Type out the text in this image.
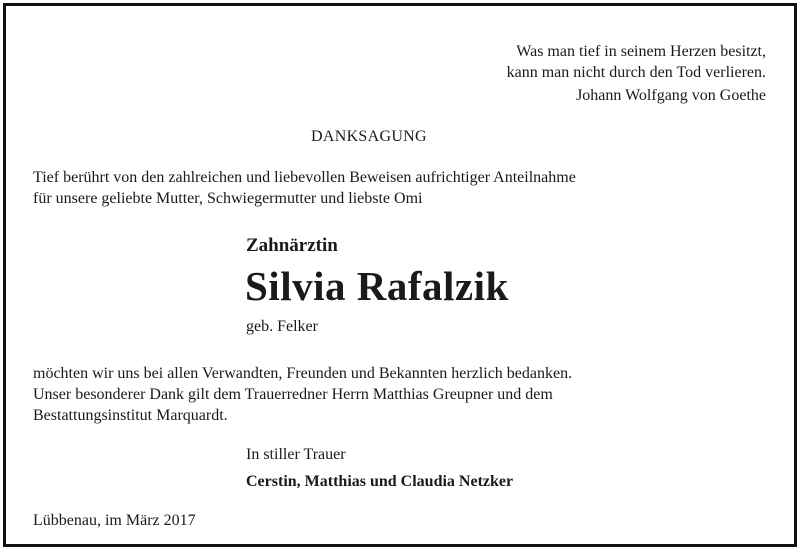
Was man tief in seinem Herzen besitzt,
kann man nicht durch den Tod verlieren.
Johann Wolfgang von Goethe
DANKSAGUNG
Tief berührt von den zahlreichen und liebevollen Beweisen aufrichtiger Anteilnahme
für unsere geliebte Mutter, Schwiegermutter und liebste Omi
Zahnärztin
Silvia Rafalzik
geb. Felker
möchten wir uns bei allen Verwandten, Freunden und Bekannten herzlich bedanken.
Unser besonderer Dank gilt dem Trauerredner Herrn Matthias Greupner und dem
Bestattungsinstitut Marquardt.
In stiller Trauer
Cerstin, Matthias und Claudia Netzker
Lübbenau, im März 2017
